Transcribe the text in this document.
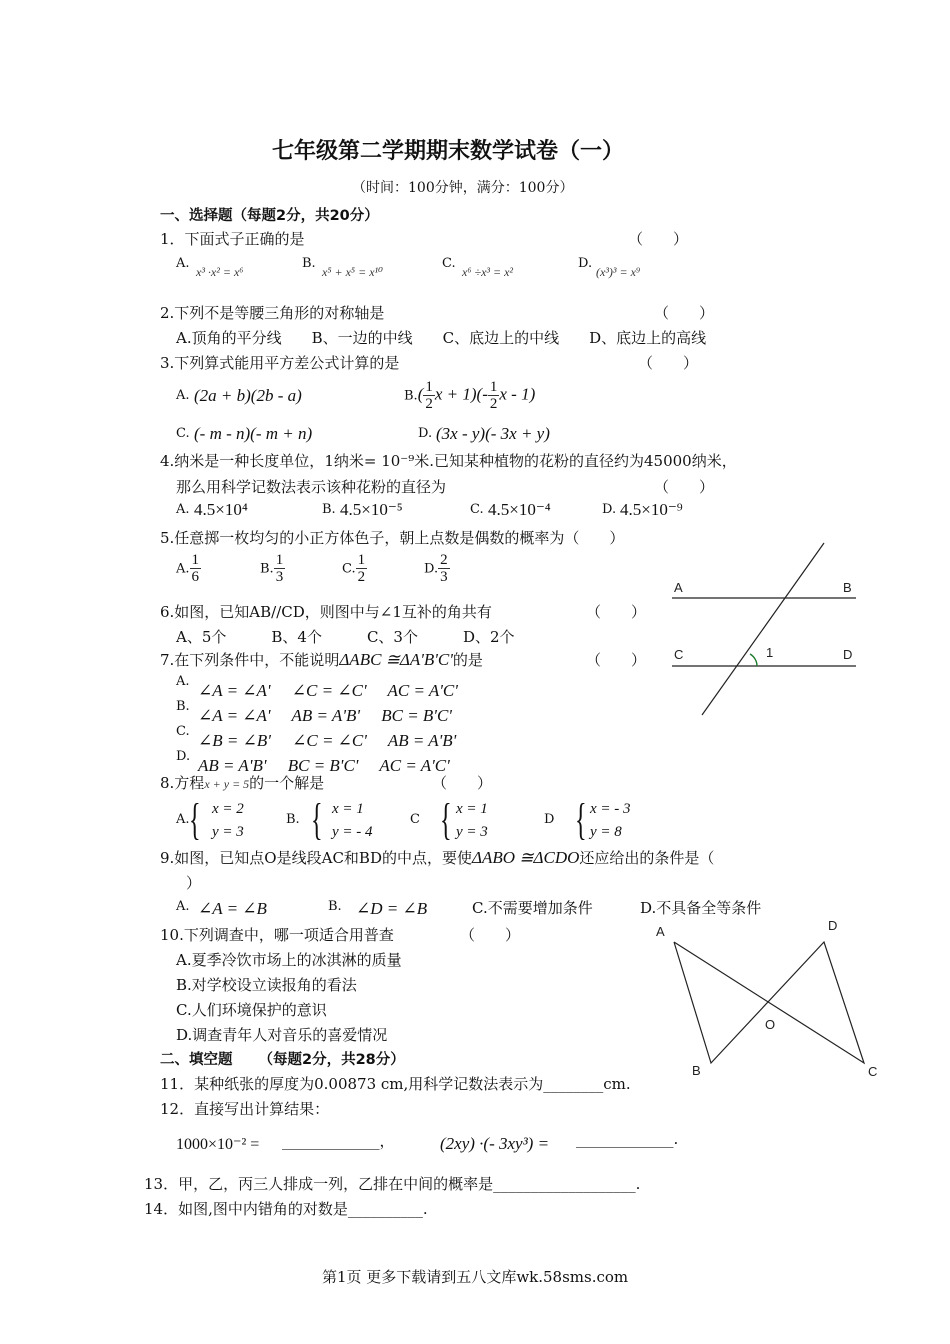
七年级第二学期期末数学试卷（一）
（时间：100分钟，满分：100分）
一、选择题（每题2分，共20分）
1．下面式子正确的是	（　　）
A.
x³ ·x² = x⁶
B.
x⁵ + x⁵ = x¹⁰
C.
x⁶ ÷x³ = x²
D.
(x³)³ = x⁹
2.下列不是等腰三角形的对称轴是	（　　）
A.顶角的平分线　　B、一边的中线　　C、底边上的中线　　D、底边上的高线
3.下列算式能用平方差公式计算的是	（　　）
A. (2a + b)(2b - a)	$B.( \frac{1}{2}$ $x + 1)(- \frac{1}{2}$ x - 1)
C. (- m - n)(- m + n)	D. (3x - y)(- 3x + y)
4.纳米是一种长度单位，1纳米= 10⁻⁹米.已知某种植物的花粉的直径约为45000纳米，
那么用科学记数法表示该种花粉的直径为	（　　）
A. 4.5×10⁴	B. 4.5×10⁻⁵	C. 4.5×10⁻⁴	D. 4.5×10⁻⁹
5.任意掷一枚均匀的小正方体色子，朝上点数是偶数的概率为（　　）
A. $\frac{1}{6}$	B. $\frac{1}{3}$	C. $\frac{1}{2}$	D. $\frac{2}{3}$
A	B
C	D
1
6.如图，已知AB//CD，则图中与∠1互补的角共有	（　　）
A、5个　　　B、4个　　　C、3个　　　D、2个
7.在下列条件中，不能说明ΔABC ≅ΔA'B'C'的是	（　　）
A. ∠A = ∠A'　 ∠C = ∠C'　 AC = A'C'
B. ∠A = ∠A'　 AB = A'B'　 BC = B'C'
C. ∠B = ∠B'　 ∠C = ∠C'　 AB = A'B'
D. AB = A'B'　 BC = B'C'　 AC = A'C'
8.方程x + y = 5的一个解是	（　　）
A. { x = 2
y = 3
B. { x = 1
y = - 4
C { x = 1
y = 3
D { x = - 3
y = 8
9.如图，已知点O是线段AC和BD的中点，要使ΔABO ≅ΔCDO还应给出的条件是（
）
A. ∠A = ∠B	B. ∠D = ∠B	C.不需要增加条件	D.不具备全等条件
A	D
O
B	C
10.下列调查中，哪一项适合用普查	（　　）
A.夏季冷饮市场上的冰淇淋的质量
B.对学校设立读报角的看法
C.人们环境保护的意识
D.调查青年人对音乐的喜爱情况
二、填空题 （每题2分，共28分）
11．某种纸张的厚度为0.00873 cm,用科学记数法表示为________cm.
12．直接写出计算结果：
1000×10⁻² = _____________，	(2xy) ·(- 3xy³) = _____________.
13．甲，乙，丙三人排成一列，乙排在中间的概率是___________________.
14．如图,图中内错角的对数是__________.
第1页 更多下载请到五八文库wk.58sms.com
